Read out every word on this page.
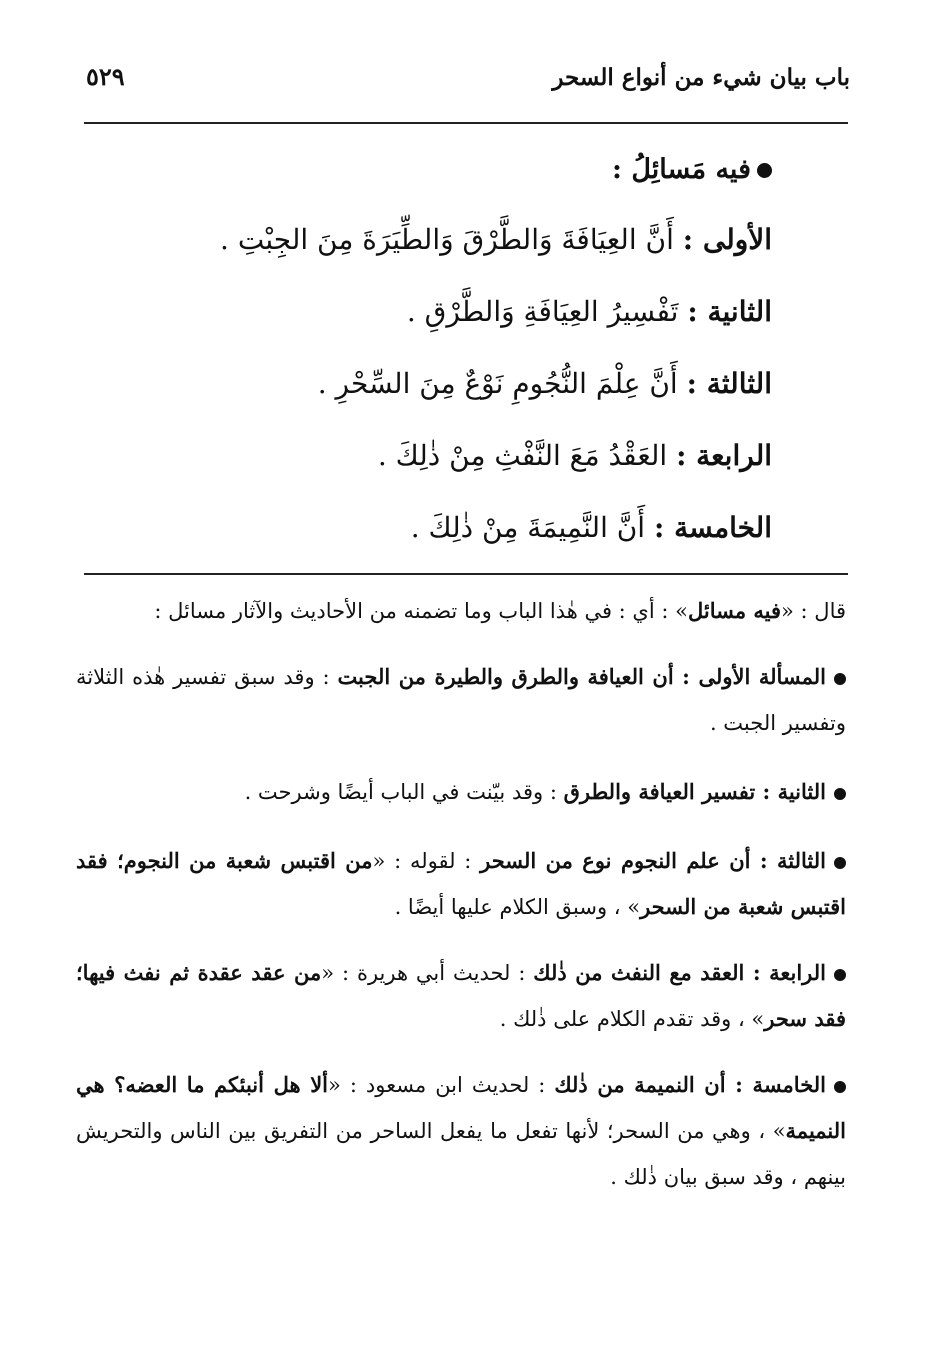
باب بيان شيء من أنواع السحر
٥٢٩
فيه مَسائِلُ :
الأولى : أَنَّ العِيَافَةَ وَالطَّرْقَ وَالطِّيَرَةَ مِنَ الجِبْتِ .
الثانية : تَفْسِيرُ العِيَافَةِ وَالطَّرْقِ .
الثالثة : أَنَّ عِلْمَ النُّجُومِ نَوْعٌ مِنَ السِّحْرِ .
الرابعة : العَقْدُ مَعَ النَّفْثِ مِنْ ذٰلِكَ .
الخامسة : أَنَّ النَّمِيمَةَ مِنْ ذٰلِكَ .

قال : «فيه مسائل» : أي : في هٰذا الباب وما تضمنه من الأحاديث والآثار مسائل :

المسألة الأولى : أن العيافة والطرق والطيرة من الجبت : وقد سبق تفسير هٰذه الثلاثة وتفسير الجبت .

الثانية : تفسير العيافة والطرق : وقد بيّنت في الباب أيضًا وشرحت .

الثالثة : أن علم النجوم نوع من السحر : لقوله : «من اقتبس شعبة من النجوم؛ فقد اقتبس شعبة من السحر» ، وسبق الكلام عليها أيضًا .

الرابعة : العقد مع النفث من ذٰلك : لحديث أبي هريرة : «من عقد عقدة ثم نفث فيها؛ فقد سحر» ، وقد تقدم الكلام على ذٰلك .

الخامسة : أن النميمة من ذٰلك : لحديث ابن مسعود : «ألا هل أنبئكم ما العضه؟ هي النميمة» ، وهي من السحر؛ لأنها تفعل ما يفعل الساحر من التفريق بين الناس والتحريش بينهم ، وقد سبق بيان ذٰلك .
